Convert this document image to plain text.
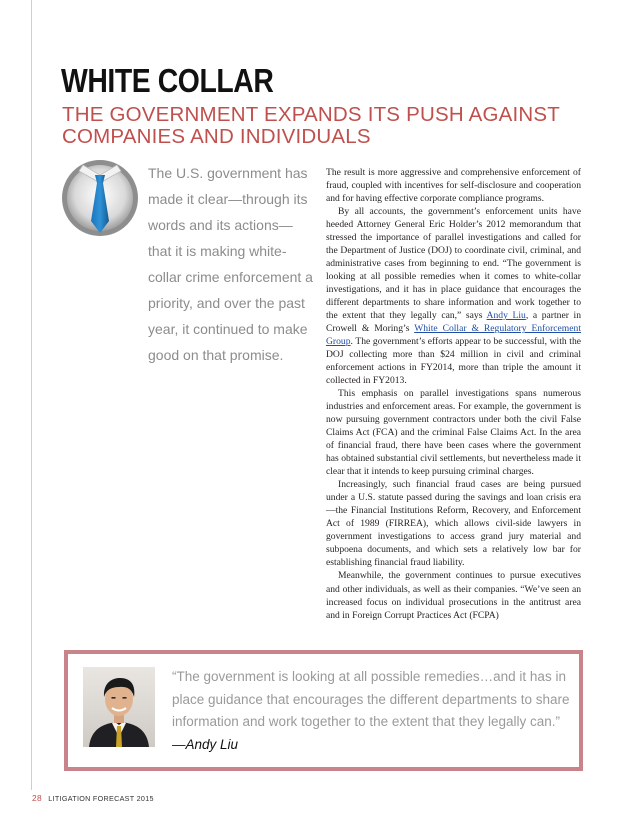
WHITE COLLAR
THE GOVERNMENT EXPANDS ITS PUSH AGAINST COMPANIES AND INDIVIDUALS

The U.S. government has made it clear—through its words and its actions—that it is making white-collar crime enforcement a priority, and over the past year, it continued to make good on that promise.

The result is more aggressive and comprehensive enforcement of fraud, coupled with incentives for self-disclosure and cooperation and for having effective corporate compliance programs.

By all accounts, the government’s enforcement units have heeded Attorney General Eric Holder’s 2012 memorandum that stressed the importance of parallel investigations and called for the Department of Justice (DOJ) to coordinate civil, criminal, and administrative cases from beginning to end. “The government is looking at all possible remedies when it comes to white-collar investigations, and it has in place guidance that encourages the different departments to share information and work together to the extent that they legally can,” says Andy Liu, a partner in Crowell & Moring’s White Collar & Regulatory Enforcement Group. The government’s efforts appear to be successful, with the DOJ collecting more than $24 million in civil and criminal enforcement actions in FY2014, more than triple the amount it collected in FY2013.

This emphasis on parallel investigations spans numerous industries and enforcement areas. For example, the government is now pursuing government contractors under both the civil False Claims Act (FCA) and the criminal False Claims Act. In the area of financial fraud, there have been cases where the government has obtained substantial civil settlements, but nevertheless made it clear that it intends to keep pursuing criminal charges.

Increasingly, such financial fraud cases are being pursued under a U.S. statute passed during the savings and loan crisis era—the Financial Institutions Reform, Recovery, and Enforcement Act of 1989 (FIRREA), which allows civil-side lawyers in government investigations to access grand jury material and subpoena documents, and which sets a relatively low bar for establishing financial fraud liability.

Meanwhile, the government continues to pursue executives and other individuals, as well as their companies. “We’ve seen an increased focus on individual prosecutions in the antitrust area and in Foreign Corrupt Practices Act (FCPA)

“The government is looking at all possible remedies…and it has in place guidance that encourages the different departments to share information and work together to the extent that they legally can.” —Andy Liu

28 LITIGATION FORECAST 2015
